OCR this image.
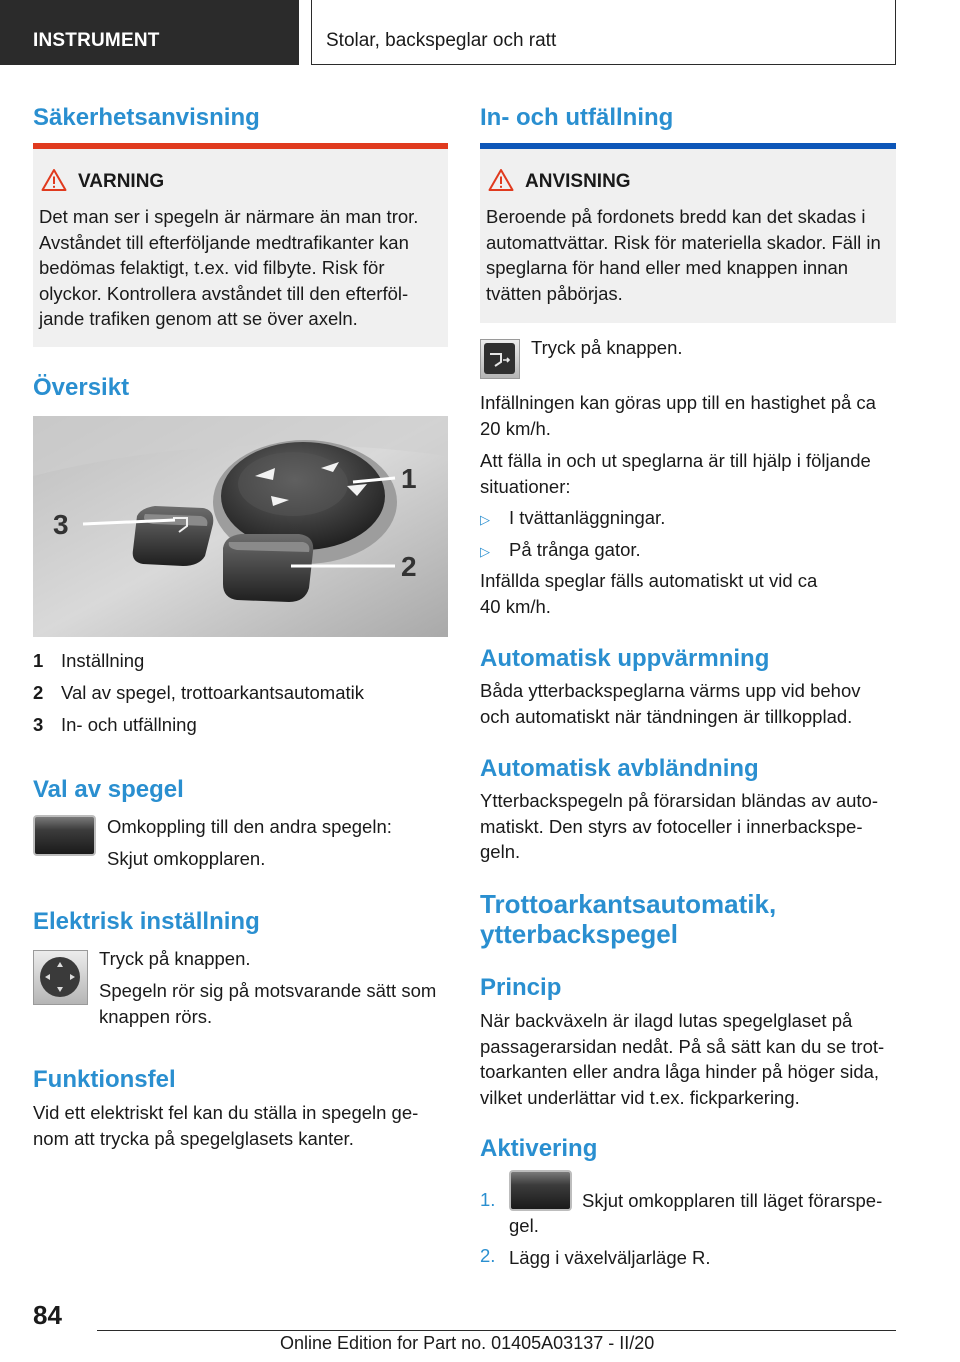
INSTRUMENT	Stolar, backspeglar och ratt
Säkerhetsanvisning
VARNING
Det man ser i spegeln är närmare än man tror. Avståndet till efterföljande medtrafikanter kan bedömas felaktigt, t.ex. vid filbyte. Risk för olyckor. Kontrollera avståndet till den efterföl-jande trafiken genom att se över axeln.
Översikt
1
3
2
1 Inställning
2 Val av spegel, trottoarkantsautomatik
3 In- och utfällning
Val av spegel
Omkoppling till den andra spegeln:
Skjut omkopplaren.
Elektrisk inställning
Tryck på knappen.
Spegeln rör sig på motsvarande sätt som knappen rörs.
Funktionsfel
Vid ett elektriskt fel kan du ställa in spegeln ge-nom att trycka på spegelglasets kanter.
In- och utfällning
ANVISNING
Beroende på fordonets bredd kan det skadas i automattvättar. Risk för materiella skador. Fäll in speglarna för hand eller med knappen innan tvätten påbörjas.
Tryck på knappen.
Infällningen kan göras upp till en hastighet på ca 20 km/h.
Att fälla in och ut speglarna är till hjälp i följande situationer:
▷ I tvättanläggningar.
▷ På trånga gator.
Infällda speglar fälls automatiskt ut vid ca 40 km/h.
Automatisk uppvärmning
Båda ytterbackspeglarna värms upp vid behov och automatiskt när tändningen är tillkopplad.
Automatisk avbländning
Ytterbackspegeln på förarsidan bländas av auto-matiskt. Den styrs av fotoceller i innerbackspe-geln.
Trottoarkantsautomatik, ytterbackspegel
Princip
När backväxeln är ilagd lutas spegelglaset på passagerarsidan nedåt. På så sätt kan du se trot-toarkanten eller andra låga hinder på höger sida, vilket underlättar vid t.ex. fickparkering.
Aktivering
1.	Skjut omkopplaren till läget förarspe-
gel.
2. Lägg i växelväljarläge R.
84
Online Edition for Part no. 01405A03137 - II/20
